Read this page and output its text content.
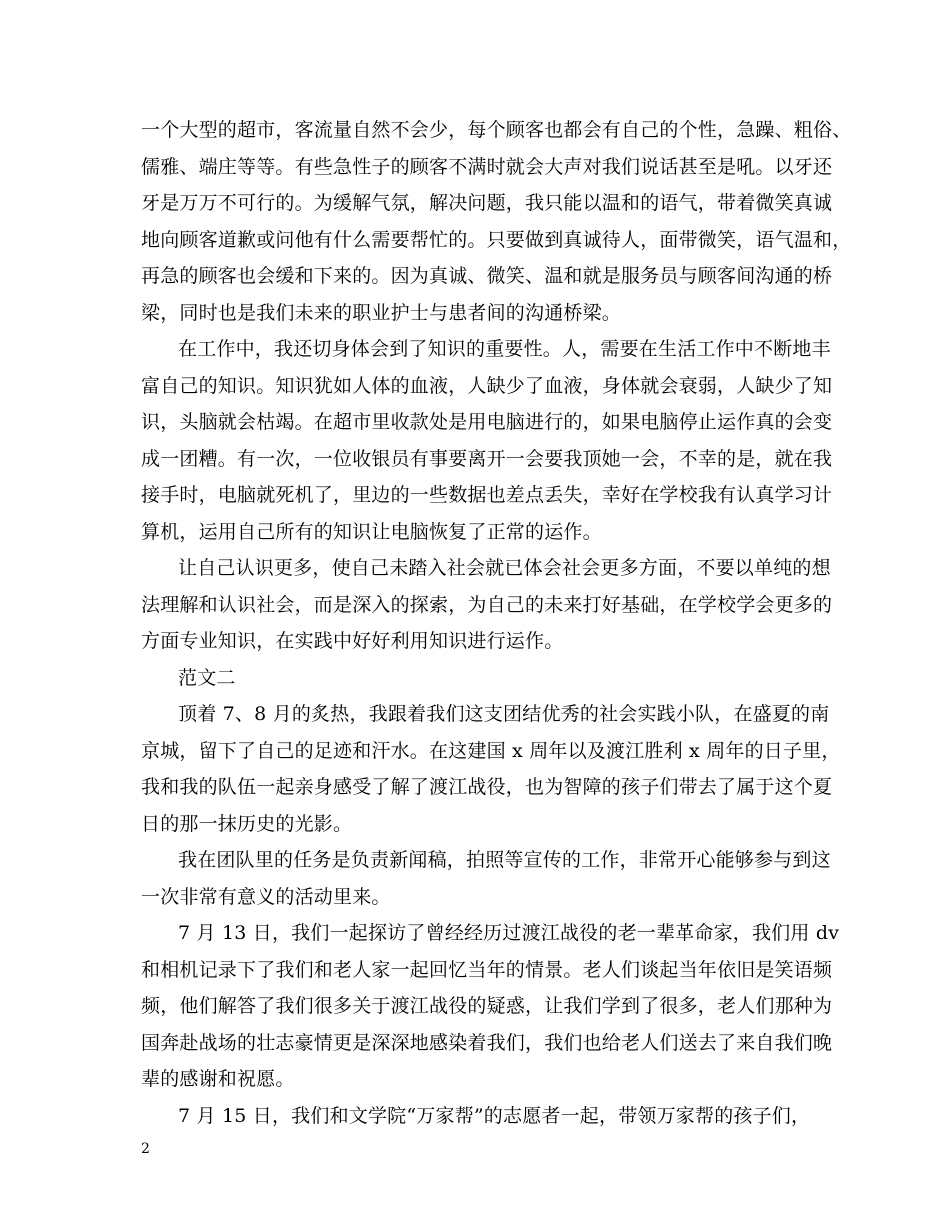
一个大型的超市，客流量自然不会少，每个顾客也都会有自己的个性，急躁、粗俗、
儒雅、端庄等等。有些急性子的顾客不满时就会大声对我们说话甚至是吼。以牙还
牙是万万不可行的。为缓解气氛，解决问题，我只能以温和的语气，带着微笑真诚
地向顾客道歉或问他有什么需要帮忙的。只要做到真诚待人，面带微笑，语气温和，
再急的顾客也会缓和下来的。因为真诚、微笑、温和就是服务员与顾客间沟通的桥
梁，同时也是我们未来的职业护士与患者间的沟通桥梁。
在工作中，我还切身体会到了知识的重要性。人，需要在生活工作中不断地丰
富自己的知识。知识犹如人体的血液，人缺少了血液，身体就会衰弱，人缺少了知
识，头脑就会枯竭。在超市里收款处是用电脑进行的，如果电脑停止运作真的会变
成一团糟。有一次，一位收银员有事要离开一会要我顶她一会，不幸的是，就在我
接手时，电脑就死机了，里边的一些数据也差点丢失，幸好在学校我有认真学习计
算机，运用自己所有的知识让电脑恢复了正常的运作。
让自己认识更多，使自己未踏入社会就已体会社会更多方面，不要以单纯的想
法理解和认识社会，而是深入的探索，为自己的未来打好基础，在学校学会更多的
方面专业知识，在实践中好好利用知识进行运作。
范文二
顶着 7、8 月的炙热，我跟着我们这支团结优秀的社会实践小队，在盛夏的南
京城，留下了自己的足迹和汗水。在这建国 x 周年以及渡江胜利 x 周年的日子里，
我和我的队伍一起亲身感受了解了渡江战役，也为智障的孩子们带去了属于这个夏
日的那一抹历史的光影。
我在团队里的任务是负责新闻稿，拍照等宣传的工作，非常开心能够参与到这
一次非常有意义的活动里来。
7 月 13 日，我们一起探访了曾经经历过渡江战役的老一辈革命家，我们用 dv
和相机记录下了我们和老人家一起回忆当年的情景。老人们谈起当年依旧是笑语频
频，他们解答了我们很多关于渡江战役的疑惑，让我们学到了很多，老人们那种为
国奔赴战场的壮志豪情更是深深地感染着我们，我们也给老人们送去了来自我们晚
辈的感谢和祝愿。
7 月 15 日，我们和文学院“万家帮”的志愿者一起，带领万家帮的孩子们，
2
